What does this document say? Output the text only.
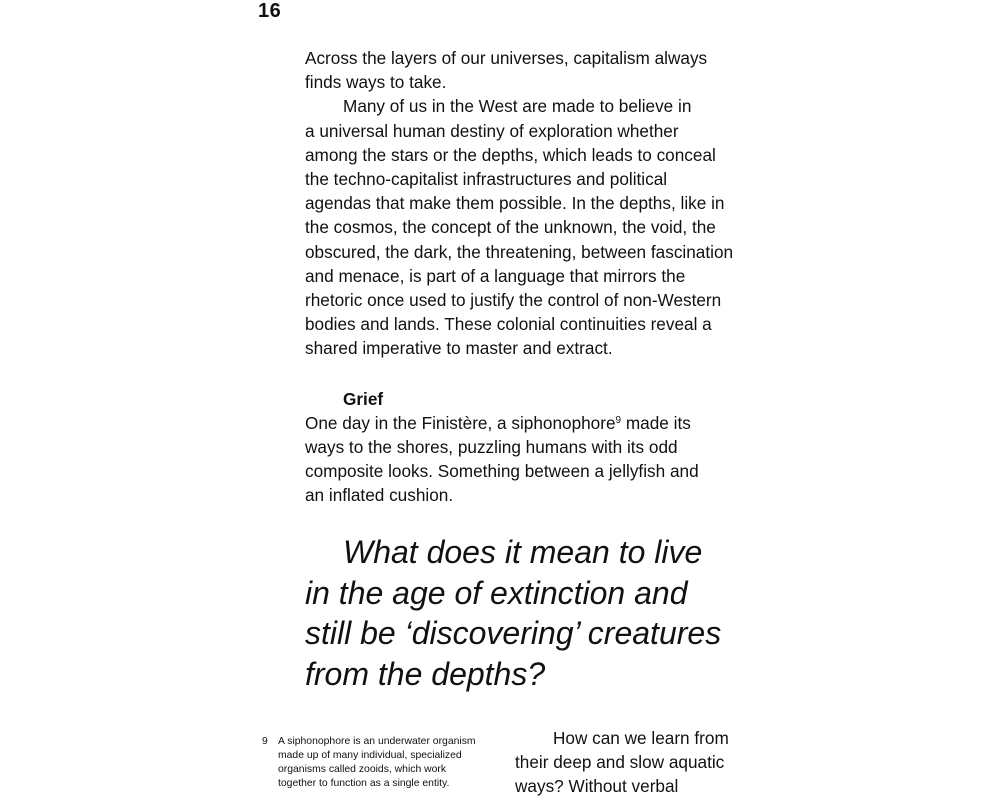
16
Across the layers of our universes, capitalism always
finds ways to take.
Many of us in the West are made to believe in
a universal human destiny of exploration whether
among the stars or the depths, which leads to conceal
the techno-capitalist infrastructures and political
agendas that make them possible. In the depths, like in
the cosmos, the concept of the unknown, the void, the
obscured, the dark, the threatening, between fascination
and menace, is part of a language that mirrors the
rhetoric once used to justify the control of non-Western
bodies and lands. These colonial continuities reveal a
shared imperative to master and extract.
Grief
One day in the Finistère, a siphonophore$^9$ made its
ways to the shores, puzzling humans with its odd
composite looks. Something between a jellyfish and
an inflated cushion.
What does it mean to live
in the age of extinction and
still be ‘discovering’ creatures
from the depths?
9 A siphonophore is an underwater organism
made up of many individual, specialized
organisms called zooids, which work
together to function as a single entity.
How can we learn from
their deep and slow aquatic
ways? Without verbal
